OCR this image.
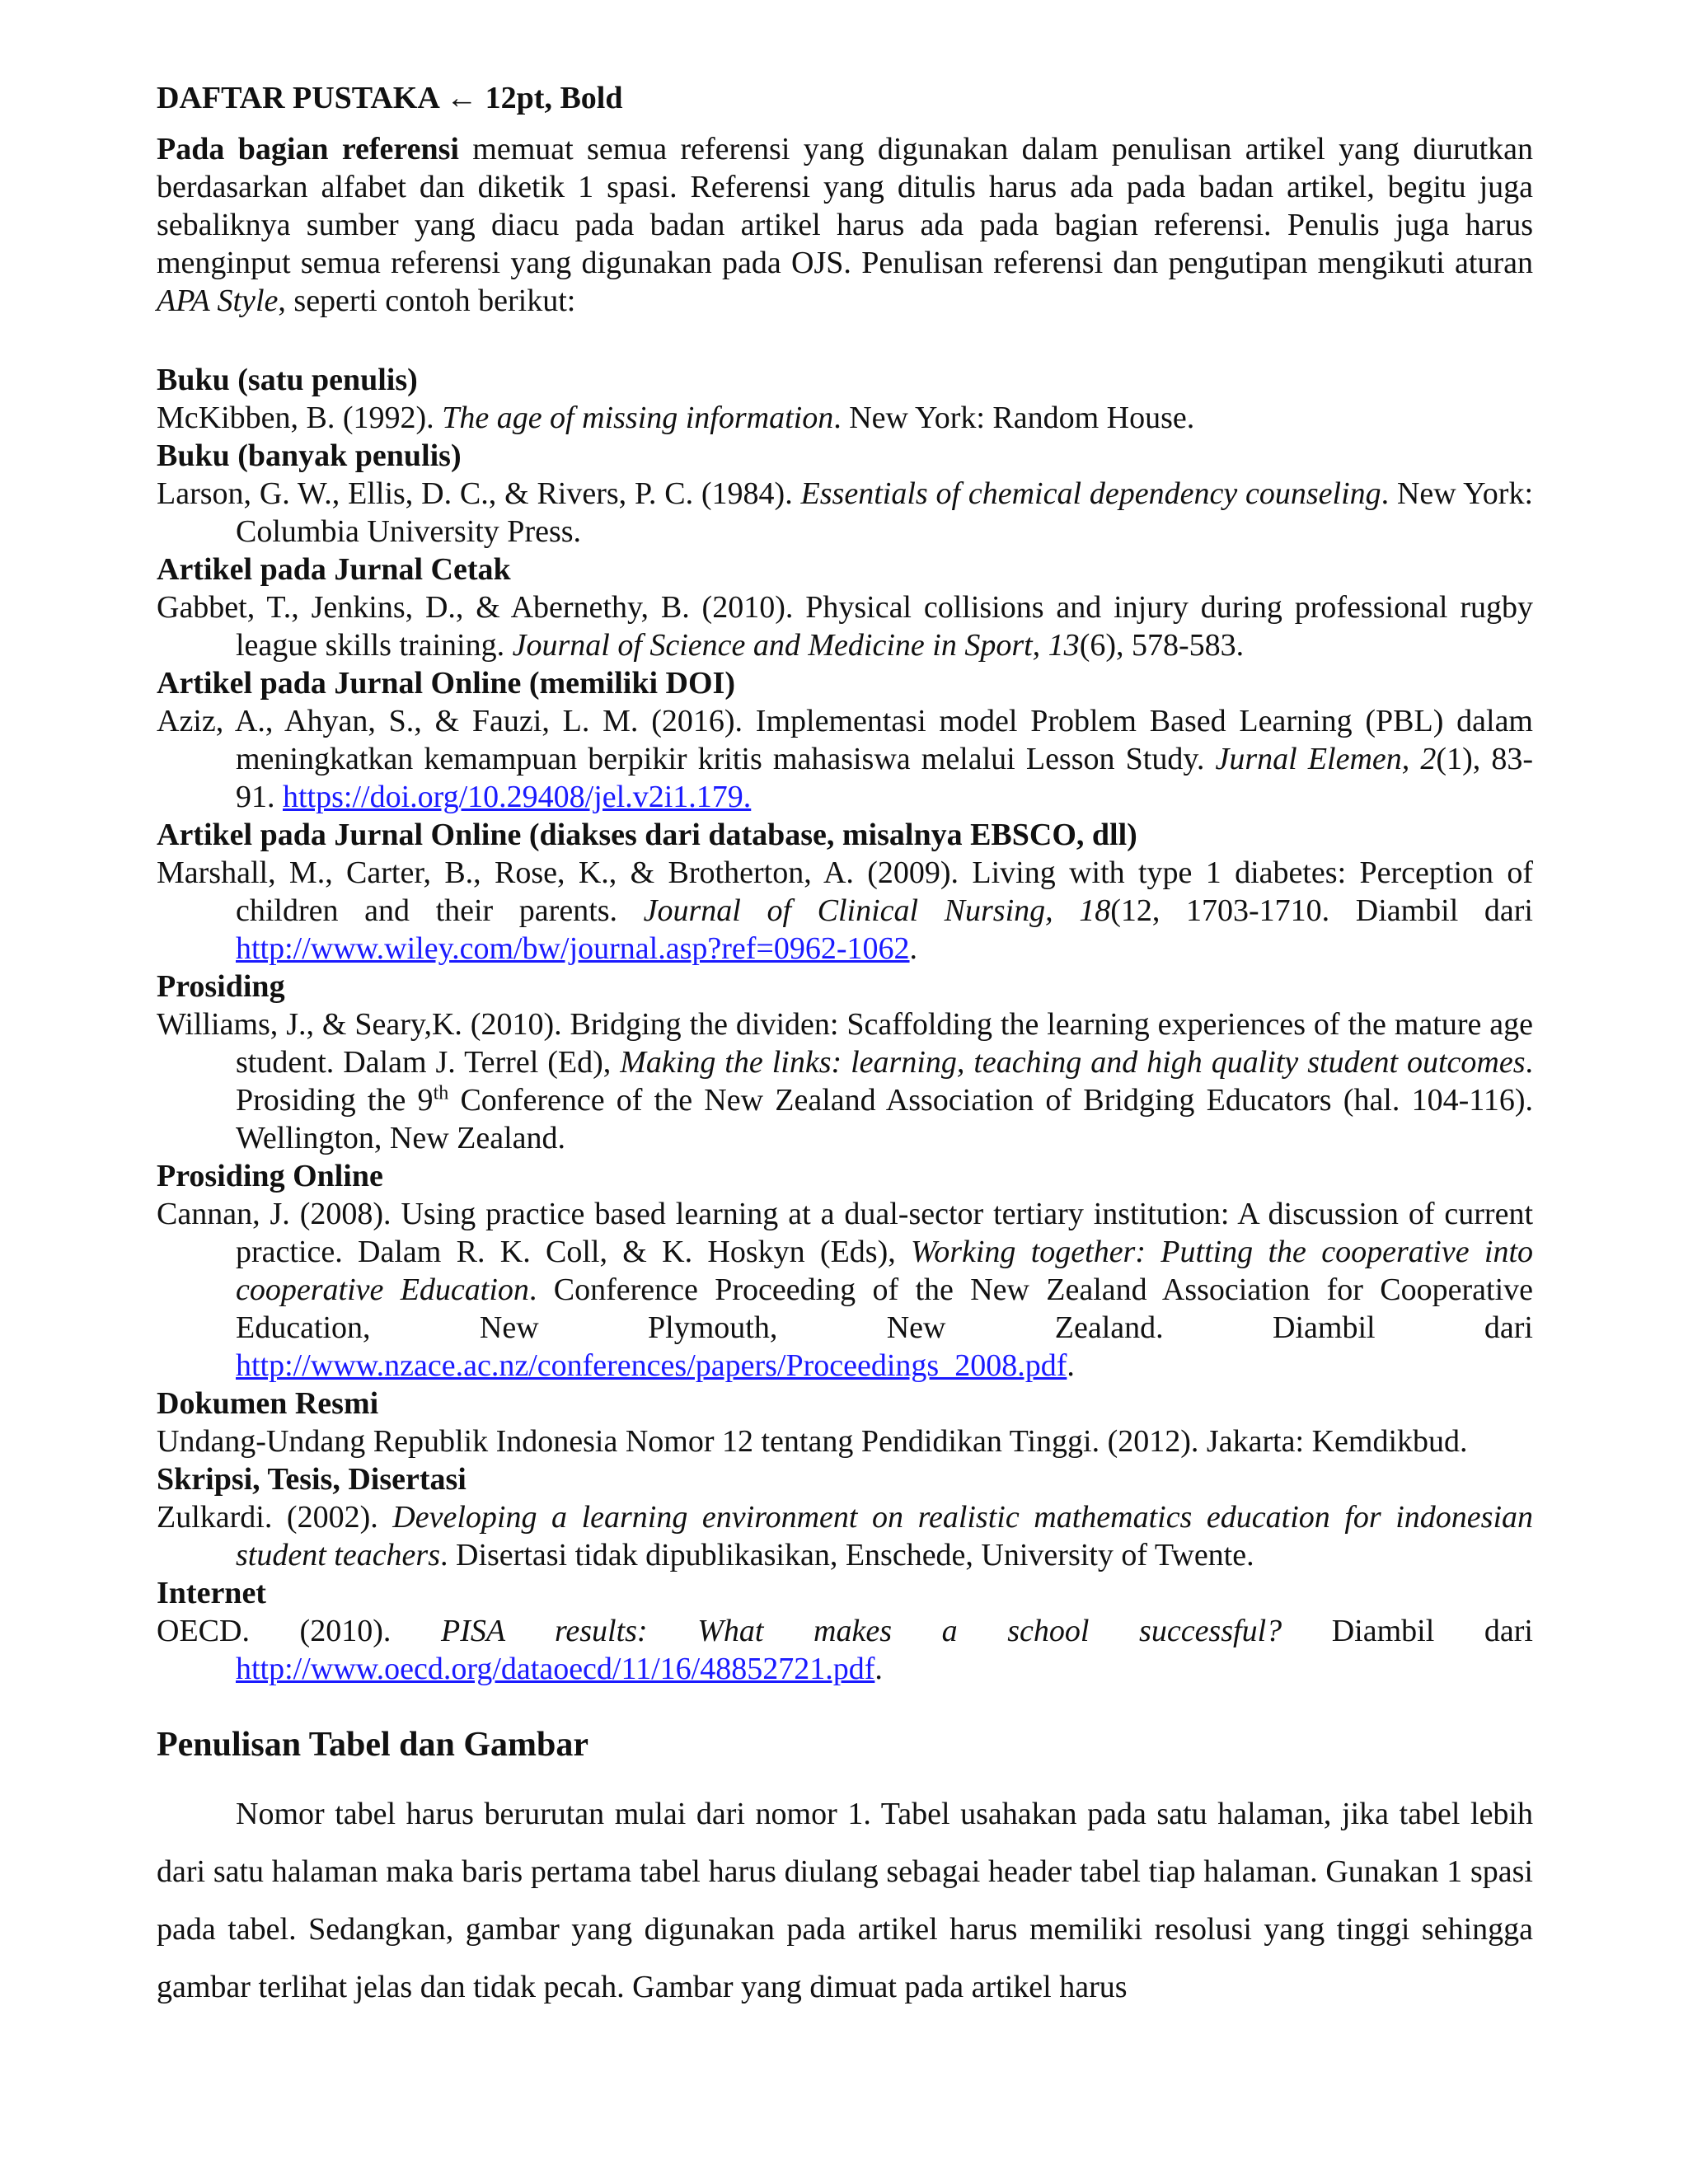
DAFTAR PUSTAKA ← 12pt, Bold

Pada bagian referensi memuat semua referensi yang digunakan dalam penulisan artikel yang diurutkan berdasarkan alfabet dan diketik 1 spasi. Referensi yang ditulis harus ada pada badan artikel, begitu juga sebaliknya sumber yang diacu pada badan artikel harus ada pada bagian referensi. Penulis juga harus menginput semua referensi yang digunakan pada OJS. Penulisan referensi dan pengutipan mengikuti aturan APA Style, seperti contoh berikut:

Buku (satu penulis)

McKibben, B. (1992). The age of missing information. New York: Random House.

Buku (banyak penulis)

Larson, G. W., Ellis, D. C., & Rivers, P. C. (1984). Essentials of chemical dependency counseling. New York: Columbia University Press.

Artikel pada Jurnal Cetak

Gabbet, T., Jenkins, D., & Abernethy, B. (2010). Physical collisions and injury during professional rugby league skills training. Journal of Science and Medicine in Sport, 13(6), 578-583.

Artikel pada Jurnal Online (memiliki DOI)

Aziz, A., Ahyan, S., & Fauzi, L. M. (2016). Implementasi model Problem Based Learning (PBL) dalam meningkatkan kemampuan berpikir kritis mahasiswa melalui Lesson Study. Jurnal Elemen, 2(1), 83-91. https://doi.org/10.29408/jel.v2i1.179.

Artikel pada Jurnal Online (diakses dari database, misalnya EBSCO, dll)

Marshall, M., Carter, B., Rose, K., & Brotherton, A. (2009). Living with type 1 diabetes: Perception of children and their parents. Journal of Clinical Nursing, 18(12, 1703-1710. Diambil dari http://www.wiley.com/bw/journal.asp?ref=0962-1062.

Prosiding

Williams, J., & Seary,K. (2010). Bridging the dividen: Scaffolding the learning experiences of the mature age student. Dalam J. Terrel (Ed), Making the links: learning, teaching and high quality student outcomes. Prosiding the 9th Conference of the New Zealand Association of Bridging Educators (hal. 104-116). Wellington, New Zealand.

Prosiding Online

Cannan, J. (2008). Using practice based learning at a dual-sector tertiary institution: A discussion of current practice. Dalam R. K. Coll, & K. Hoskyn (Eds), Working together: Putting the cooperative into cooperative Education. Conference Proceeding of the New Zealand Association for Cooperative Education, New Plymouth, New Zealand. Diambil dari http://www.nzace.ac.nz/conferences/papers/Proceedings_2008.pdf.

Dokumen Resmi

Undang-Undang Republik Indonesia Nomor 12 tentang Pendidikan Tinggi. (2012). Jakarta: Kemdikbud.

Skripsi, Tesis, Disertasi

Zulkardi. (2002). Developing a learning environment on realistic mathematics education for indonesian student teachers. Disertasi tidak dipublikasikan, Enschede, University of Twente.

Internet

OECD. (2010). PISA results: What makes a school successful? Diambil dari http://www.oecd.org/dataoecd/11/16/48852721.pdf.

Penulisan Tabel dan Gambar

Nomor tabel harus berurutan mulai dari nomor 1. Tabel usahakan pada satu halaman, jika tabel lebih dari satu halaman maka baris pertama tabel harus diulang sebagai header tabel tiap halaman. Gunakan 1 spasi pada tabel. Sedangkan, gambar yang digunakan pada artikel harus memiliki resolusi yang tinggi sehingga gambar terlihat jelas dan tidak pecah. Gambar yang dimuat pada artikel harus
